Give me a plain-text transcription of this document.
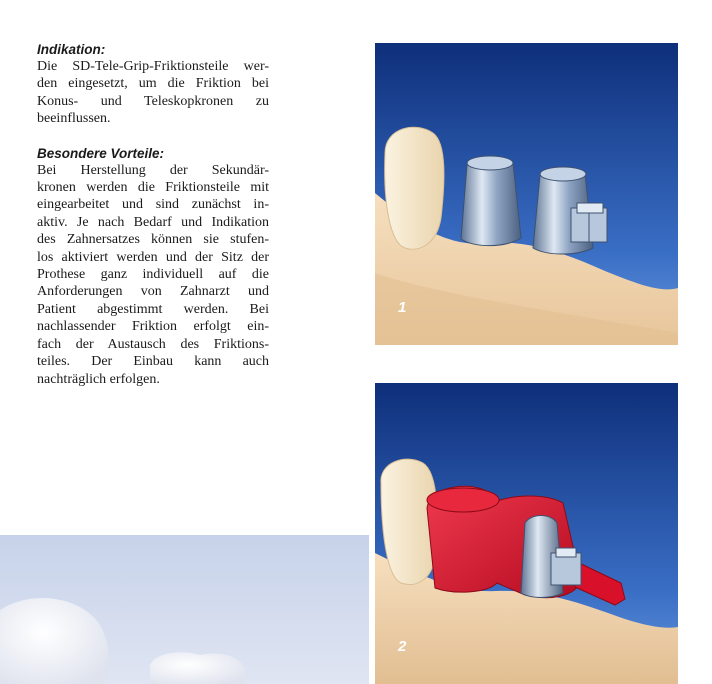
Indikation:
Die SD-Tele-Grip-Friktionsteile wer-
den eingesetzt, um die Friktion bei
Konus- und Teleskopkronen zu
beeinflussen.
Besondere Vorteile:
Bei Herstellung der Sekundär-
kronen werden die Friktionsteile mit
eingearbeitet und sind zunächst in-
aktiv. Je nach Bedarf und Indikation
des Zahnersatzes können sie stufen-
los aktiviert werden und der Sitz der
Prothese ganz individuell auf die
Anforderungen von Zahnarzt und
Patient abgestimmt werden. Bei
nachlassender Friktion erfolgt ein-
fach der Austausch des Friktions-
teiles. Der Einbau kann auch
nachträglich erfolgen.
1
2
